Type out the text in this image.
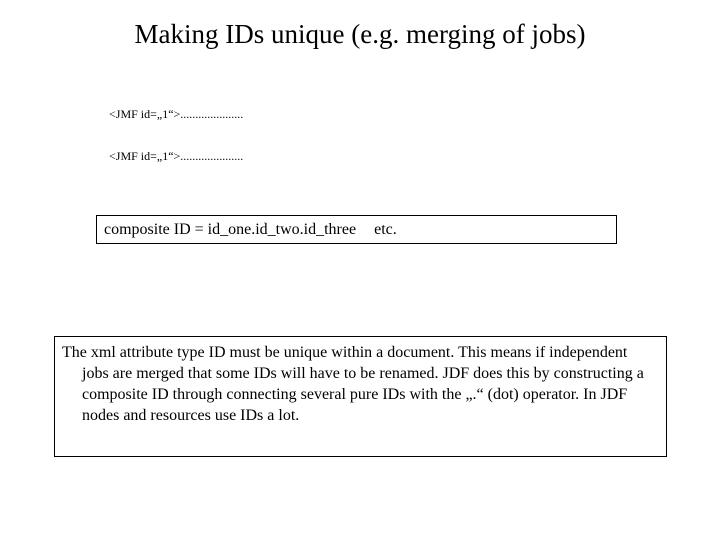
Making IDs unique (e.g. merging of jobs)
<JMF id=„1“>.....................
<JMF id=„1“>.....................
composite ID = id_one.id_two.id_three etc.

The xml attribute type ID must be unique within a document. This means if independent jobs are merged that some IDs will have to be renamed. JDF does this by constructing a composite ID through connecting several pure IDs with the „.“ (dot) operator. In JDF nodes and resources use IDs a lot.
